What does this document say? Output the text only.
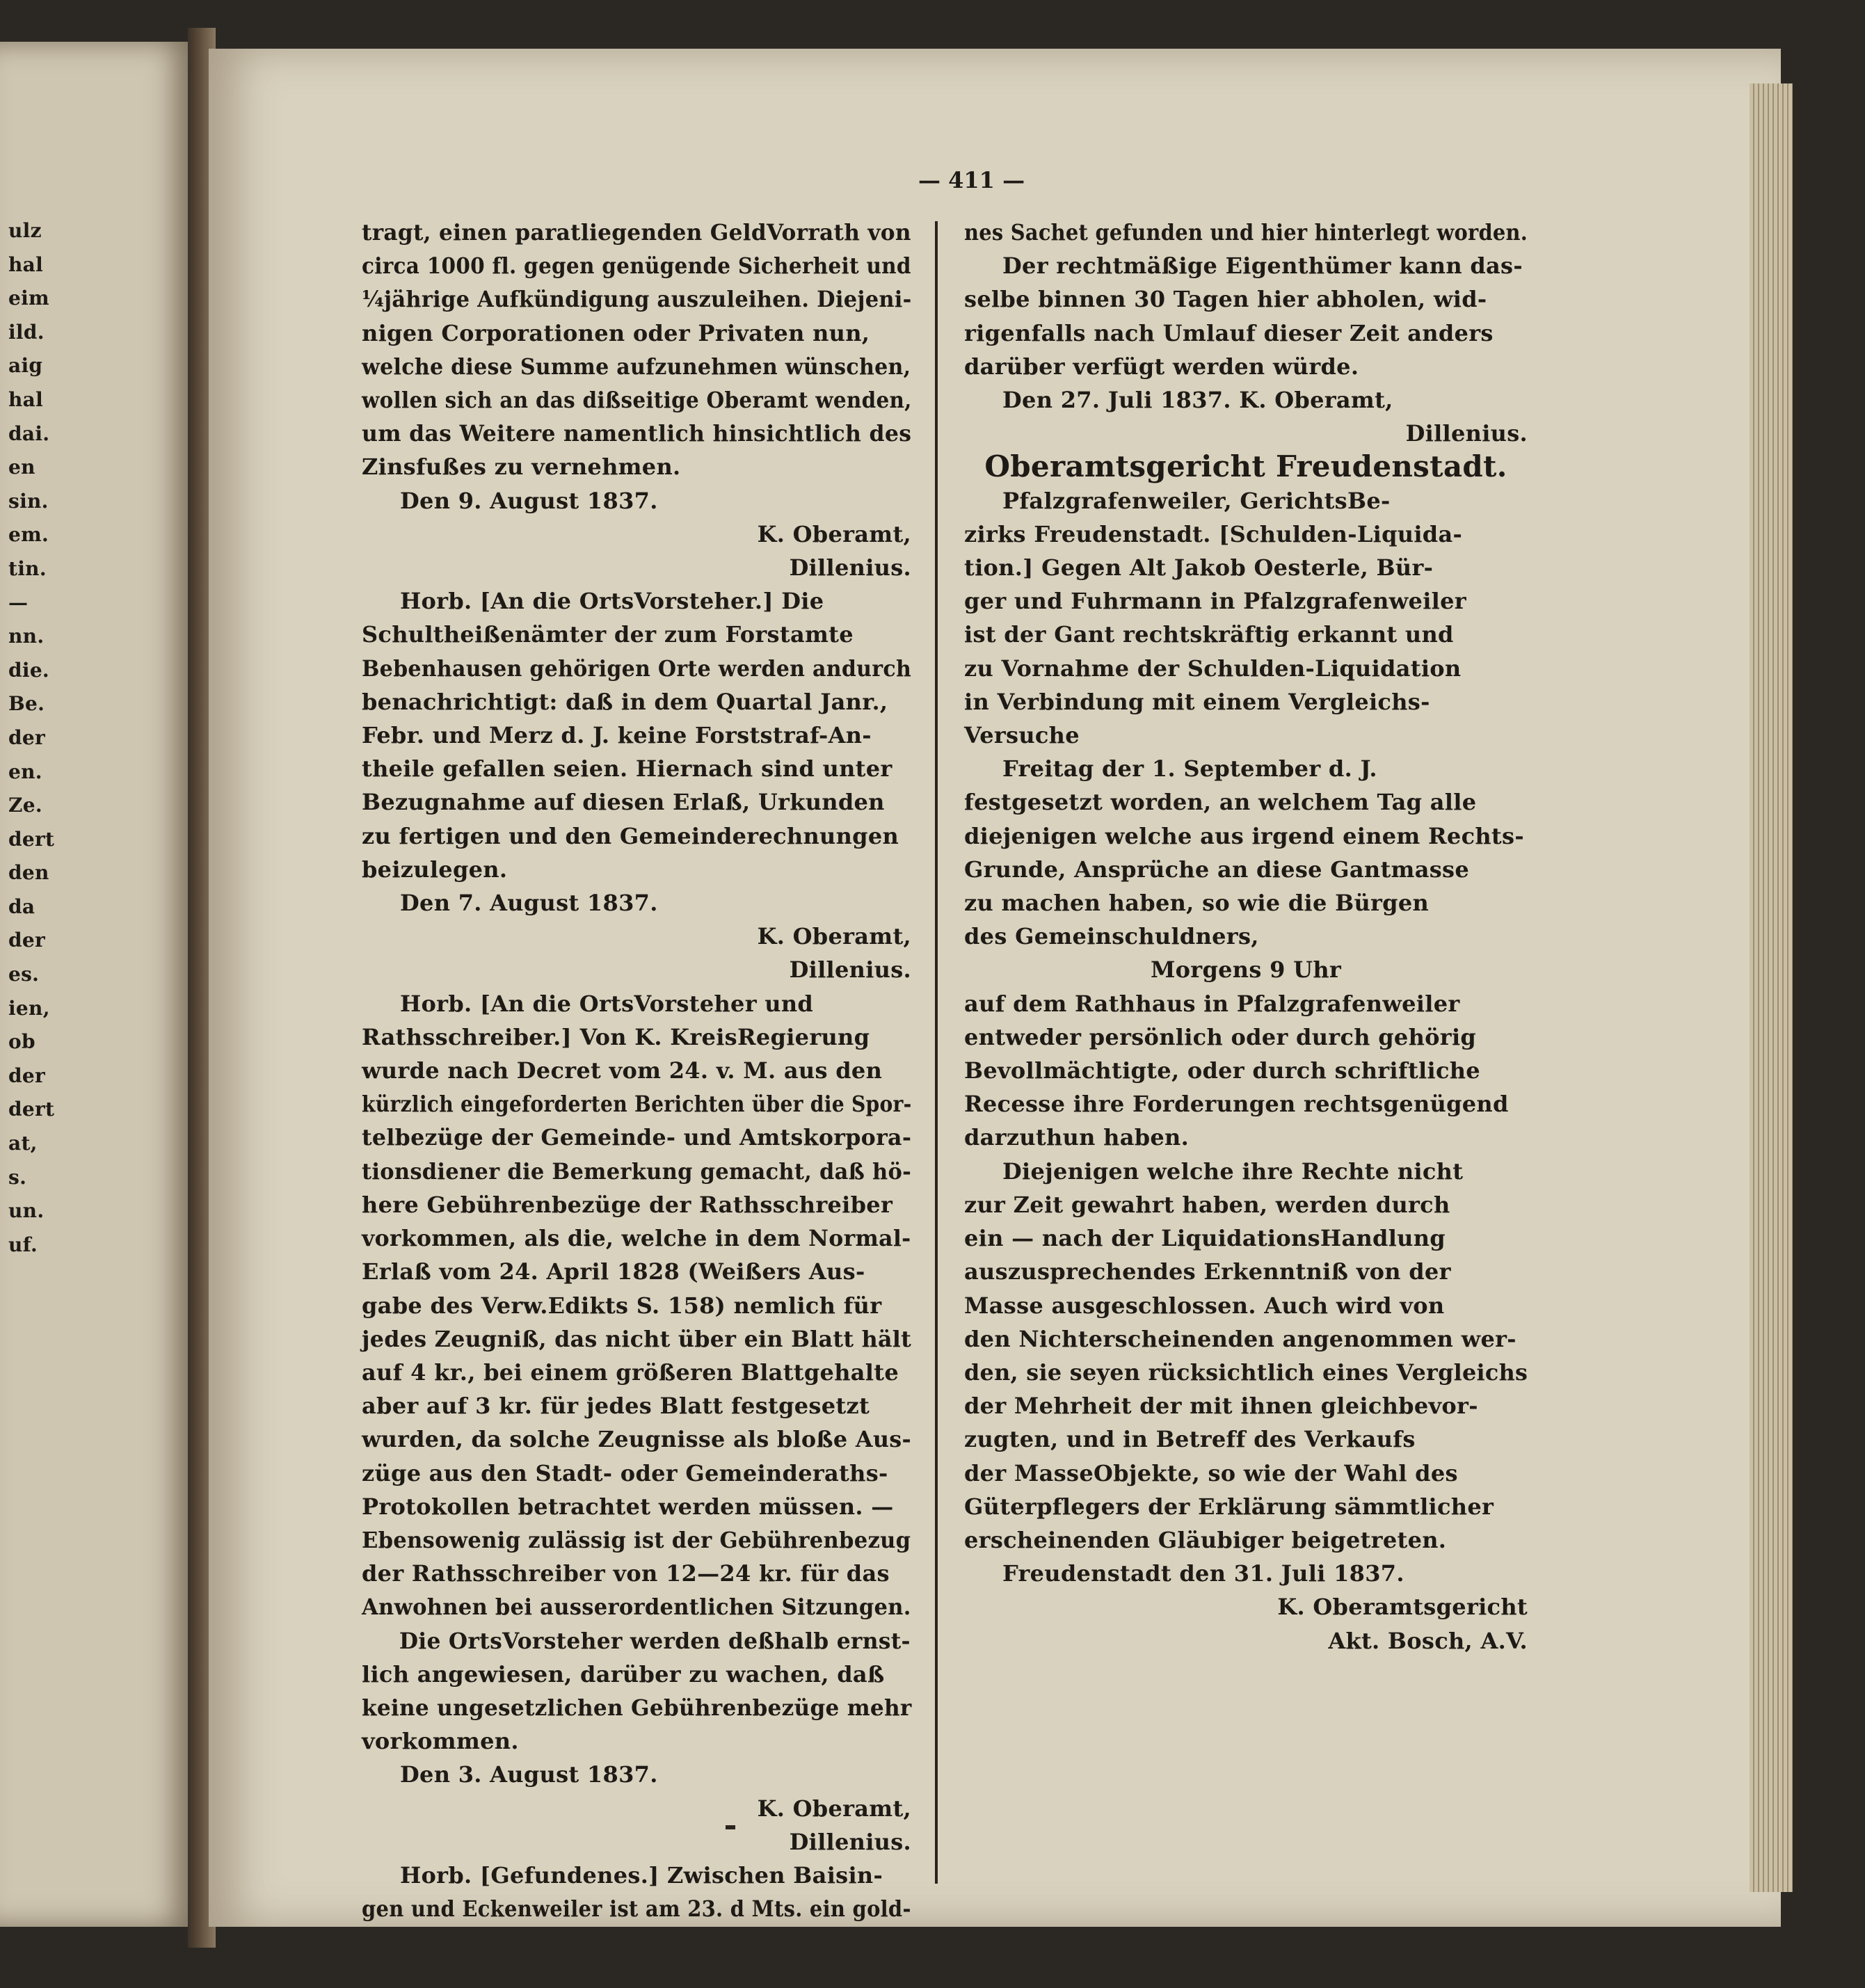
— 411 —
ulz
hal
eim
ild.
aig
hal
dai.
en
sin.
em.
tin.
—
nn.
die.
Be.
der
en.
Ze.
dert
den
da
der
es.
ien,
ob
der
dert
at,
s.
un.
uf.
tragt, einen paratliegenden GeldVorrath von
circa 1000 fl. gegen genügende Sicherheit und
¼jährige Aufkündigung auszuleihen. Diejeni-
nigen Corporationen oder Privaten nun,
welche diese Summe aufzunehmen wünschen,
wollen sich an das dißseitige Oberamt wenden,
um das Weitere namentlich hinsichtlich des
Zinsfußes zu vernehmen.
Den 9. August 1837.
K. Oberamt,
Dillenius.
Horb. [An die OrtsVorsteher.] Die
Schultheißenämter der zum Forstamte
Bebenhausen gehörigen Orte werden andurch
benachrichtigt: daß in dem Quartal Janr.,
Febr. und Merz d. J. keine Forststraf-An-
theile gefallen seien. Hiernach sind unter
Bezugnahme auf diesen Erlaß, Urkunden
zu fertigen und den Gemeinderechnungen
beizulegen.
Den 7. August 1837.
K. Oberamt,
Dillenius.
Horb. [An die OrtsVorsteher und
Rathsschreiber.] Von K. KreisRegierung
wurde nach Decret vom 24. v. M. aus den
kürzlich eingeforderten Berichten über die Spor-
telbezüge der Gemeinde- und Amtskorpora-
tionsdiener die Bemerkung gemacht, daß hö-
here Gebührenbezüge der Rathsschreiber
vorkommen, als die, welche in dem Normal-
Erlaß vom 24. April 1828 (Weißers Aus-
gabe des Verw.Edikts S. 158) nemlich für
jedes Zeugniß, das nicht über ein Blatt hält
auf 4 kr., bei einem größeren Blattgehalte
aber auf 3 kr. für jedes Blatt festgesetzt
wurden, da solche Zeugnisse als bloße Aus-
züge aus den Stadt- oder Gemeinderaths-
Protokollen betrachtet werden müssen. —
Ebensowenig zulässig ist der Gebührenbezug
der Rathsschreiber von 12—24 kr. für das
Anwohnen bei ausserordentlichen Sitzungen.
Die OrtsVorsteher werden deßhalb ernst-
lich angewiesen, darüber zu wachen, daß
keine ungesetzlichen Gebührenbezüge mehr
vorkommen.
Den 3. August 1837.
K. Oberamt,
Dillenius.
Horb. [Gefundenes.] Zwischen Baisin-
gen und Eckenweiler ist am 23. d Mts. ein gold-
nes Sachet gefunden und hier hinterlegt worden.
Der rechtmäßige Eigenthümer kann das-
selbe binnen 30 Tagen hier abholen, wid-
rigenfalls nach Umlauf dieser Zeit anders
darüber verfügt werden würde.
Den 27. Juli 1837. K. Oberamt,
Dillenius.
Oberamtsgericht Freudenstadt.
Pfalzgrafenweiler, GerichtsBe-
zirks Freudenstadt. [Schulden-Liquida-
tion.] Gegen Alt Jakob Oesterle, Bür-
ger und Fuhrmann in Pfalzgrafenweiler
ist der Gant rechtskräftig erkannt und
zu Vornahme der Schulden-Liquidation
in Verbindung mit einem Vergleichs-
Versuche
Freitag der 1. September d. J.
festgesetzt worden, an welchem Tag alle
diejenigen welche aus irgend einem Rechts-
Grunde, Ansprüche an diese Gantmasse
zu machen haben, so wie die Bürgen
des Gemeinschuldners,
Morgens 9 Uhr
auf dem Rathhaus in Pfalzgrafenweiler
entweder persönlich oder durch gehörig
Bevollmächtigte, oder durch schriftliche
Recesse ihre Forderungen rechtsgenügend
darzuthun haben.
Diejenigen welche ihre Rechte nicht
zur Zeit gewahrt haben, werden durch
ein — nach der LiquidationsHandlung
auszusprechendes Erkenntniß von der
Masse ausgeschlossen. Auch wird von
den Nichterscheinenden angenommen wer-
den, sie seyen rücksichtlich eines Vergleichs
der Mehrheit der mit ihnen gleichbevor-
zugten, und in Betreff des Verkaufs
der MasseObjekte, so wie der Wahl des
Güterpflegers der Erklärung sämmtlicher
erscheinenden Gläubiger beigetreten.
Freudenstadt den 31. Juli 1837.
K. Oberamtsgericht
Akt. Bosch, A.V.
